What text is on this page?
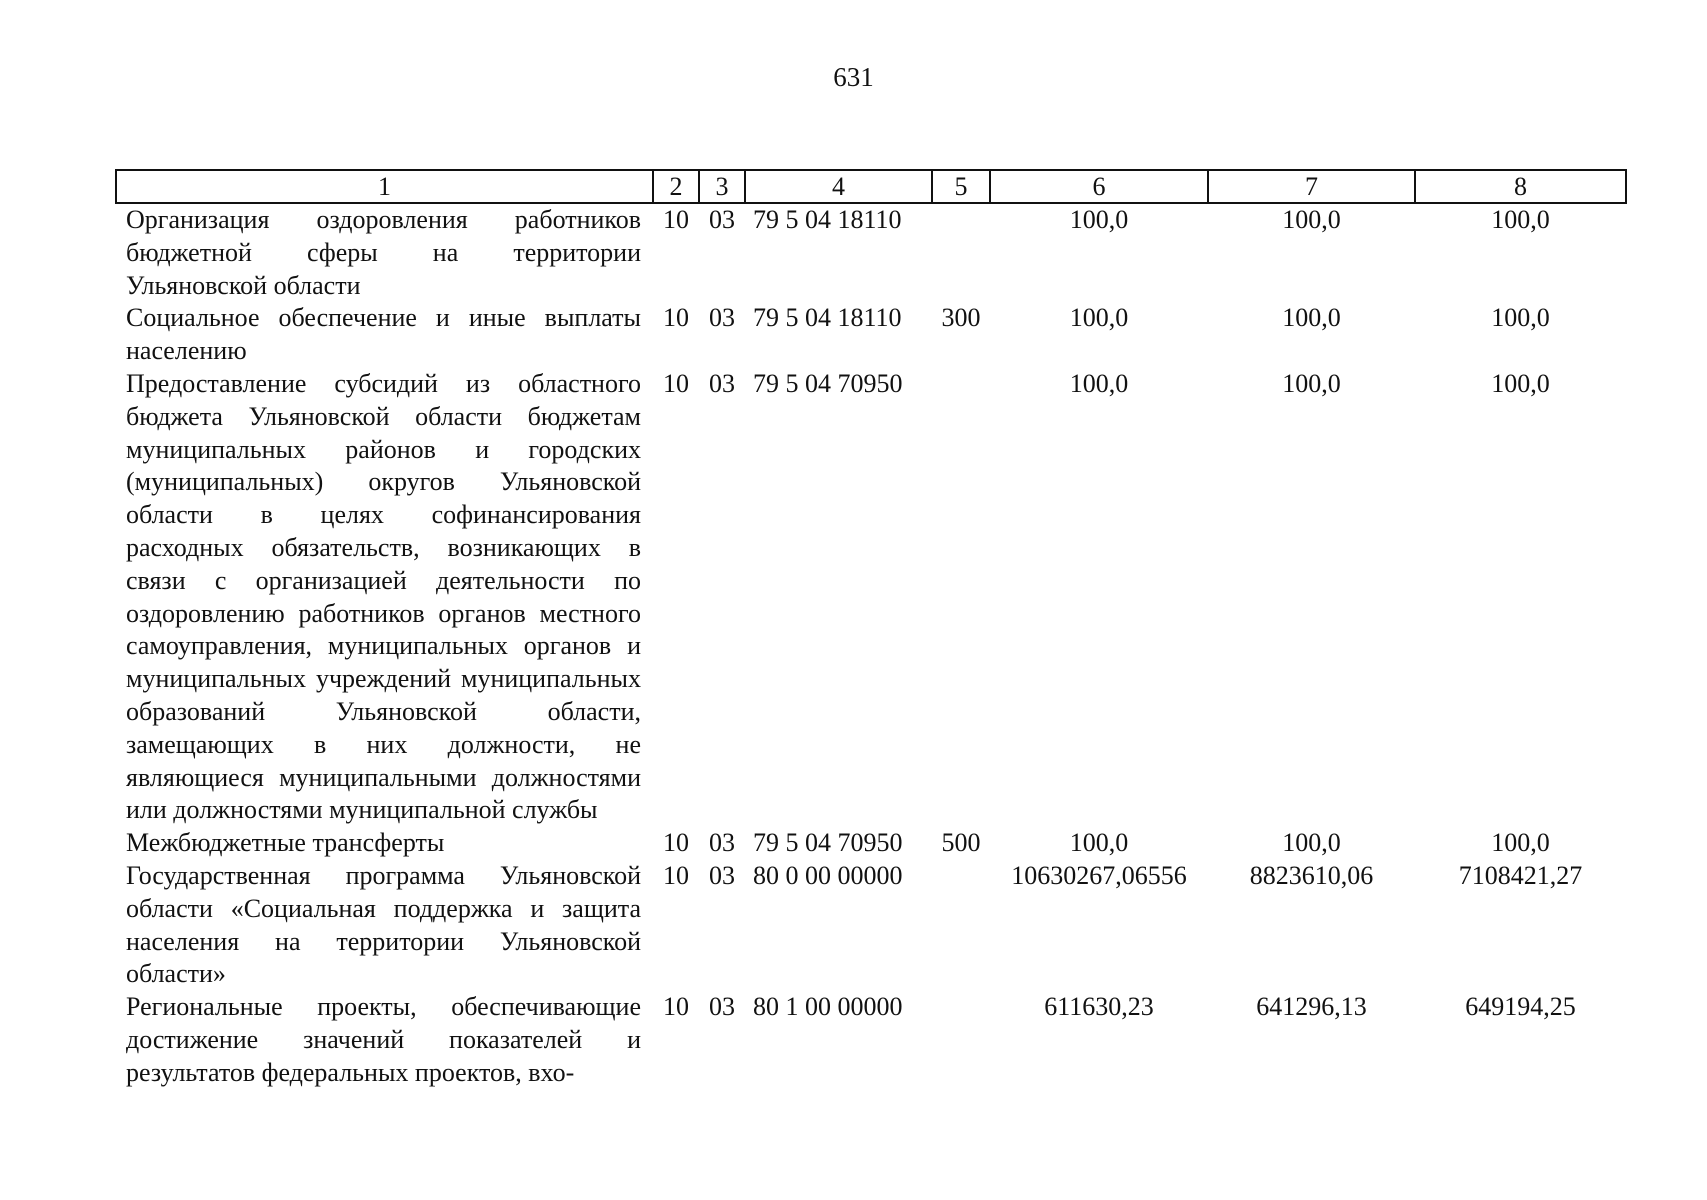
631
1	2	3	4	5	6	7	8
Организация оздоровления работников бюджетной сферы на территории Ульяновской области	10	03	79 5 04 18110		100,0	100,0	100,0
Социальное обеспечение и иные выплаты населению	10	03	79 5 04 18110	300	100,0	100,0	100,0
Предоставление субсидий из областного бюджета Ульяновской области бюджетам муниципальных районов и городских (муниципальных) округов Ульяновской области в целях софинансирования расходных обязательств, возникающих в связи с организацией деятельности по оздоровлению работников органов местного самоуправления, муниципальных органов и муниципальных учреждений муниципальных образований Ульяновской области, замещающих в них должности, не являющиеся муниципальными должностями или должностями муниципальной службы	10	03	79 5 04 70950		100,0	100,0	100,0
Межбюджетные трансферты	10	03	79 5 04 70950	500	100,0	100,0	100,0
Государственная программа Ульяновской области «Социальная поддержка и защита населения на территории Ульяновской области»	10	03	80 0 00 00000		10630267,06556	8823610,06	7108421,27
Региональные проекты, обеспечивающие достижение значений показателей и результатов федеральных проектов, вхо-	10	03	80 1 00 00000		611630,23	641296,13	649194,25
